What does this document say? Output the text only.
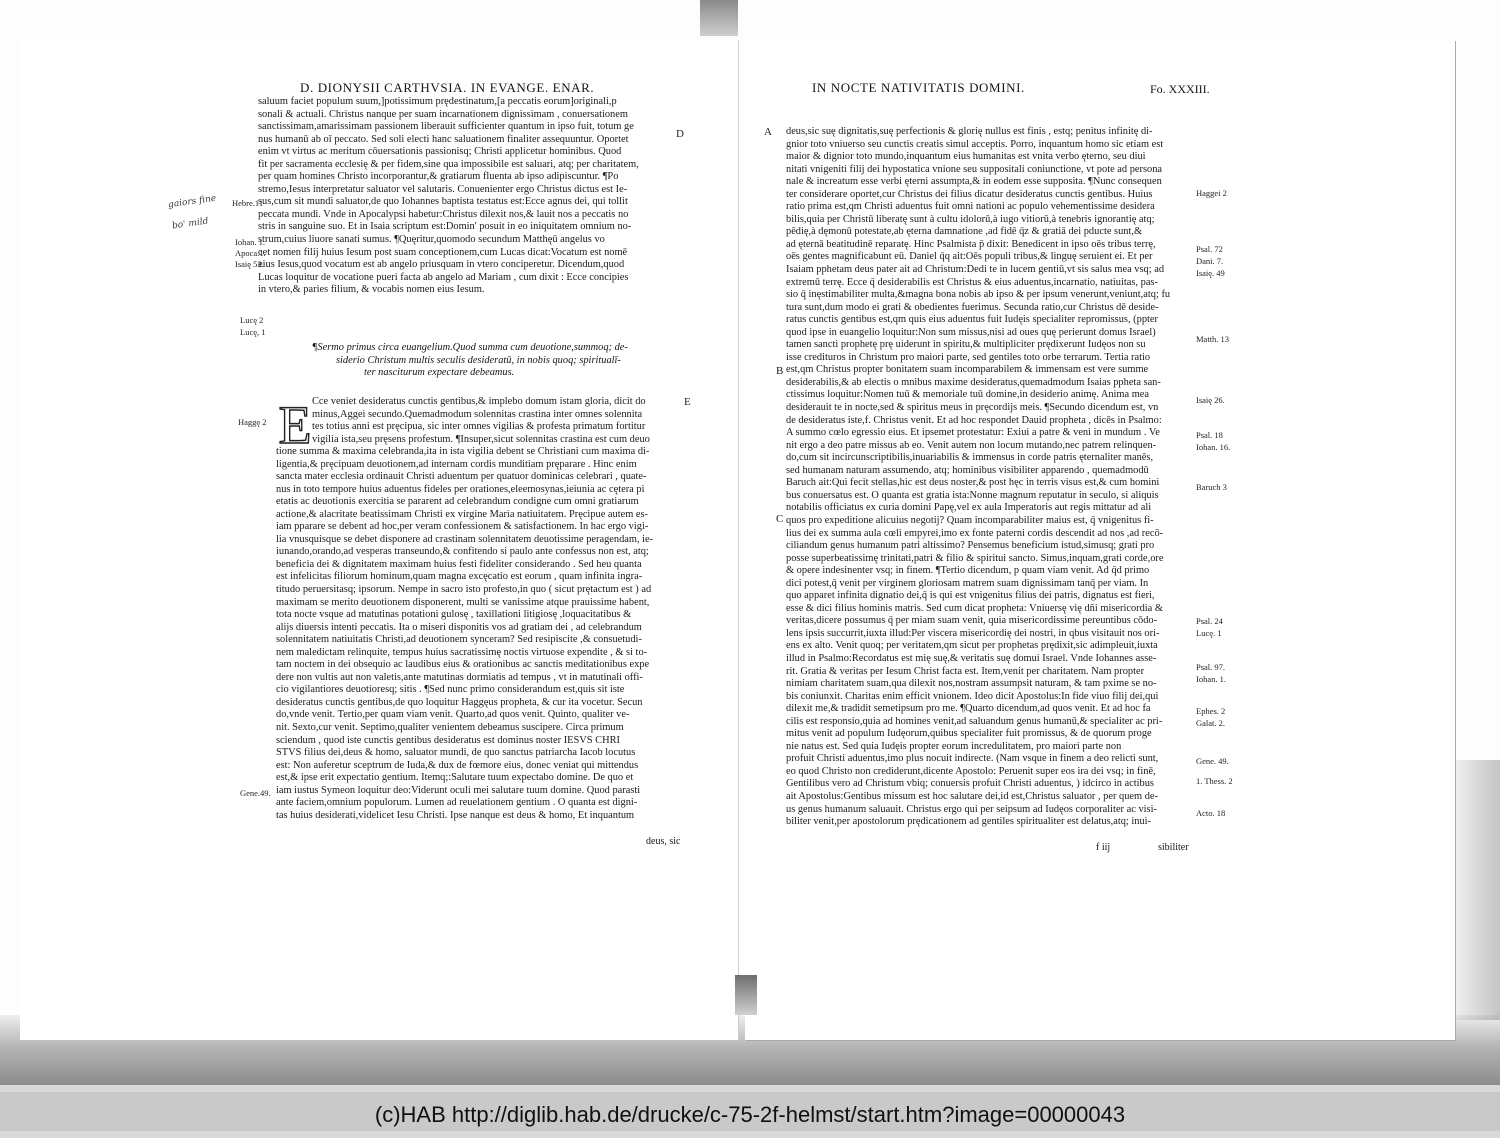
D. DIONYSII CARTHVSIA. IN EVANGE. ENAR.
D
E
gaiors fine
bo' mild
Hebre.11
Iohan. 1.
Apoca.1.
Isaię 53.
Lucę 2
Lucę, 1
Haggę 2
Gene.49.
saluum faciet populum suum,]potissimum prędestinatum,[a peccatis eorum]originali,p
sonali & actuali. Christus nanque per suam incarnationem dignissimam , conuersationem
sanctissimam,amarissimam passionem liberauit sufficienter quantum in ipso fuit, totum ge
nus humanū ab oī peccato. Sed soli electi hanc saluationem finaliter assequuntur. Oportet
enim vt virtus ac meritum cōuersationis passionisq; Christi applicetur hominibus. Quod
fit per sacramenta ecclesię & per fidem,sine qua impossibile est saluari, atq; per charitatem,
per quam homines Christo incorporantur,& gratiarum fluenta ab ipso adipiscuntur. ¶Po
stremo,Iesus interpretatur saluator vel salutaris. Conuenienter ergo Christus dictus est Ie-
sus,cum sit mundi saluator,de quo Iohannes baptista testatus est:Ecce agnus dei, qui tollit
peccata mundi. Vnde in Apocalypsi habetur:Christus dilexit nos,& lauit nos a peccatis no
stris in sanguine suo. Et in Isaia scriptum est:Domin' posuit in eo iniquitatem omnium no-
strum,cuius liuore sanati sumus. ¶Quęritur,quomodo secundum Matthęū angelus vo
cet nomen filij huius Iesum post suam conceptionem,cum Lucas dicat:Vocatum est nomē
eius Iesus,quod vocatum est ab angelo priusquam in vtero conciperetur. Dicendum,quod
Lucas loquitur de vocatione pueri facta ab angelo ad Mariam , cum dixit : Ecce concipies
in vtero,& paries filium, & vocabis nomen eius Iesum.
¶Sermo primus circa euangelium.Quod summa cum deuotione,summoq; de-
siderio Christum multis seculis desideratū, in nobis quoq; spiritualī-
ter nasciturum expectare debeamus.
E Cce veniet desideratus cunctis gentibus,& implebo domum istam gloria, dicit do
minus,Aggei secundo.Quemadmodum solennitas crastina inter omnes solennita
tes totius anni est pręcipua, sic inter omnes vigilias & profesta primatum fortitur
vigilia ista,seu pręsens profestum. ¶Insuper,sicut solennitas crastina est cum deuo
tione summa & maxima celebranda,ita in ista vigilia debent se Christiani cum maxima di-
ligentia,& pręcipuam deuotionem,ad internam cordis munditiam pręparare . Hinc enim
sancta mater ecclesia ordinauit Christi aduentum per quatuor dominicas celebrari , quate-
nus in toto tempore huius aduentus fideles per orationes,eleemosynas,ieiunia ac cętera pi
etatis ac deuotionis exercitia se pararent ad celebrandum condigne cum omni gratiarum
actione,& alacritate beatissimam Christi ex virgine Maria natiuitatem. Pręcipue autem es-
iam pparare se debent ad hoc,per veram confessionem & satisfactionem. In hac ergo vigi-
lia vnusquisque se debet disponere ad crastinam solennitatem deuotissime peragendam, ie-
iunando,orando,ad vesperas transeundo,& confitendo si paulo ante confessus non est, atq;
beneficia dei & dignitatem maximam huius festi fideliter considerando . Sed heu quanta
est infelicitas filiorum hominum,quam magna excęcatio est eorum , quam infinita ingra-
titudo peruersitasq; ipsorum. Nempe in sacro isto profesto,in quo ( sicut prętactum est ) ad
maximam se merito deuotionem disponerent, multi se vanissime atque prauissime habent,
tota nocte vsque ad matutinas potationi gulosę , taxillationi litigiosę ,loquacitatibus &
alijs diuersis intenti peccatis. Ita o miseri disponitis vos ad gratiam dei , ad celebrandum
solennitatem natiuitatis Christi,ad deuotionem synceram? Sed resipiscite ,& consuetudi-
nem maledictam relinquite, tempus huius sacratissimę noctis virtuose expendite , & si to-
tam noctem in dei obsequio ac laudibus eius & orationibus ac sanctis meditationibus expe
dere non vultis aut non valetis,ante matutinas dormiatis ad tempus , vt in matutinali offi-
cio vigilantiores deuotioresq; sitis . ¶Sed nunc primo considerandum est,quis sit iste
desideratus cunctis gentibus,de quo loquitur Haggęus propheta, & cur ita vocetur. Secun
do,vnde venit. Tertio,per quam viam venit. Quarto,ad quos venit. Quinto, qualiter ve-
nit. Sexto,cur venit. Septimo,qualiter venientem debeamus suscipere. Circa primum
sciendum , quod iste cunctis gentibus desideratus est dominus noster IESVS CHRI
STVS filius dei,deus & homo, saluator mundi, de quo sanctus patriarcha Iacob locutus
est: Non auferetur sceptrum de Iuda,& dux de fœmore eius, donec veniat qui mittendus
est,& ipse erit expectatio gentium. Itemq;:Salutare tuum expectabo domine. De quo et
iam iustus Symeon loquitur deo:Viderunt oculi mei salutare tuum domine. Quod parasti
ante faciem,omnium populorum. Lumen ad reuelationem gentium . O quanta est digni-
tas huius desiderati,videlicet Iesu Christi. Ipse nanque est deus & homo, Et inquantum
deus, sic
IN NOCTE NATIVITATIS DOMINI.	Fo. XXXIII.
A
B
C
deus,sic suę dignitatis,suę perfectionis & glorię nullus est finis , estq; penitus infinitę di-
gnior toto vniuerso seu cunctis creatis simul acceptis. Porro, inquantum homo sic etiam est
maior & dignior toto mundo,inquantum eius humanitas est vnita verbo ęterno, seu diui
nitati vnigeniti filij dei hypostatica vnione seu suppositali coniunctione, vt pote ad persona
nale & increatum esse verbi ęterni assumpta,& in eodem esse supposita. ¶Nunc consequen
ter considerare oportet,cur Christus dei filius dicatur desideratus cunctis gentibus. Huius
ratio prima est,qm Christi aduentus fuit omni nationi ac populo vehementissime desidera
bilis,quia per Christū liberatę sunt à cultu idolorū,à iugo vitiorū,à tenebris ignorantię atq;
pēdię,à dęmonū potestate,ab ęterna damnatione ,ad fidē q̄z & gratiā dei pducte sunt,&
ad ęternā beatitudinē reparatę. Hinc Psalmista p̄ dixit: Benedicent in ipso oēs tribus terrę,
oēs gentes magnificabunt eū. Daniel q̄q ait:Oēs populi tribus,& linguę seruient ei. Et per
Isaiam pphetam deus pater ait ad Christum:Dedi te in lucem gentiū,vt sis salus mea vsq; ad
extremū terrę. Ecce q̄ desiderabilis est Christus & eius aduentus,incarnatio, natiuitas, pas-
sio q̄ inęstimabiliter multa,&magna bona nobis ab ipso & per ipsum venerunt,veniunt,atq; fu
tura sunt,dum modo ei grati & obedientes fuerimus. Secunda ratio,cur Christus dē deside-
ratus cunctis gentibus est,qm quis eius aduentus fuit Iudęis specialiter repromissus, (ppter
quod ipse in euangelio loquitur:Non sum missus,nisi ad oues quę perierunt domus Israel)
tamen sancti prophetę prę uiderunt in spiritu,& multipliciter prędixerunt Iudęos non su
isse credituros in Christum pro maiori parte, sed gentiles toto orbe terrarum. Tertia ratio
est,qm Christus propter bonitatem suam incomparabilem & immensam est vere summe
desiderabilis,& ab electis o mnibus maxime desideratus,quemadmodum Isaias ppheta san-
ctissimus loquitur:Nomen tuū & memoriale tuū domine,in desiderio animę. Anima mea
desiderauit te in nocte,sed & spiritus meus in pręcordijs meis. ¶Secundo dicendum est, vn
de desideratus iste,f. Christus venit. Et ad hoc respondet Dauid propheta , dicēs in Psalmo:
A summo cœlo egressio eius. Et ipsemet protestatur: Exiui a patre & veni in mundum . Ve
nit ergo a deo patre missus ab eo. Venit autem non locum mutando,nec patrem relinquen-
do,cum sit incircunscriptibilis,inuariabilis & immensus in corde patris ęternaliter manēs,
sed humanam naturam assumendo, atq; hominibus visibiliter apparendo , quemadmodū
Baruch ait:Qui fecit stellas,hic est deus noster,& post hęc in terris visus est,& cum homini
bus conuersatus est. O quanta est gratia ista:Nonne magnum reputatur in seculo, si aliquis
notabilis officiatus ex curia domini Papę,vel ex aula Imperatoris aut regis mittatur ad ali
quos pro expeditione alicuius negotij? Quam incomparabiliter maius est, q̄ vnigenitus fi-
lius dei ex summa aula cœli empyrei,imo ex fonte paterni cordis descendit ad nos ,ad recō-
ciliandum genus humanum patri altissimo? Pensemus beneficium istud,simusq; grati pro
posse superbeatissimę trinitati,patri & filio & spiritui sancto. Simus,inquam,grati corde,ore
& opere indesinenter vsq; in finem. ¶Tertio dicendum, p quam viam venit. Ad q̄d primo
dici potest,q̄ venit per virginem gloriosam matrem suam dignissimam tanq̄ per viam. In
quo apparet infinita dignatio dei,q̄ is qui est vnigenitus filius dei patris, dignatus est fieri,
esse & dici filius hominis matris. Sed cum dicat propheta: Vniuersę vię dñi misericordia &
veritas,dicere possumus q̄ per miam suam venit, quia misericordissime pereuntibus cōdo-
lens ipsis succurrit,iuxta illud:Per viscera misericordię dei nostri, in qbus visitauit nos ori-
ens ex alto. Venit quoq; per veritatem,qm sicut per prophetas prędixit,sic adimpleuit,iuxta
illud in Psalmo:Recordatus est mię suę,& veritatis suę domui Israel. Vnde Iohannes asse-
rit. Gratia & veritas per Iesum Christ facta est. Item,venit per charitatem. Nam propter
nimiam charitatem suam,qua dilexit nos,nostram assumpsit naturam, & tam pxime se no-
bis coniunxit. Charitas enim efficit vnionem. Ideo dicit Apostolus:In fide viuo filij dei,qui
dilexit me,& tradidit semetipsum pro me. ¶Quarto dicendum,ad quos venit. Et ad hoc fa
cilis est responsio,quia ad homines venit,ad saluandum genus humanū,& specialiter ac pri-
mitus venit ad populum Iudęorum,quibus specialiter fuit promissus, & de quorum proge
nie natus est. Sed quia Iudęis propter eorum incredulitatem, pro maiori parte non
profuit Christi aduentus,imo plus nocuit indirecte. (Nam vsque in finem a deo relicti sunt,
eo quod Christo non crediderunt,dicente Apostolo: Peruenit super eos ira dei vsq; in finē,
Gentilibus vero ad Christum vbiq; conuersis profuit Christi aduentus, ) idcirco in actibus
ait Apostolus:Gentibus missum est hoc salutare dei,id est,Christus saluator , per quem de-
us genus humanum saluauit. Christus ergo qui per seipsum ad Iudęos corporaliter ac visi-
biliter venit,per apostolorum prędicationem ad gentiles spiritualiter est delatus,atq; inui-
Haggei 2
Psal. 72
Dani. 7.
Isaię. 49
Matth. 13
Isaię 26.
Psal. 18
Iohan. 16.
Baruch 3
Psal. 24
Lucę. 1
Psal. 97.
Iohan. 1.
Ephes. 2
Galat. 2.
Gene. 49.
1. Thess. 2
Acto. 18
f iij	sibiliter
(c)HAB http://diglib.hab.de/drucke/c-75-2f-helmst/start.htm?image=00000043
